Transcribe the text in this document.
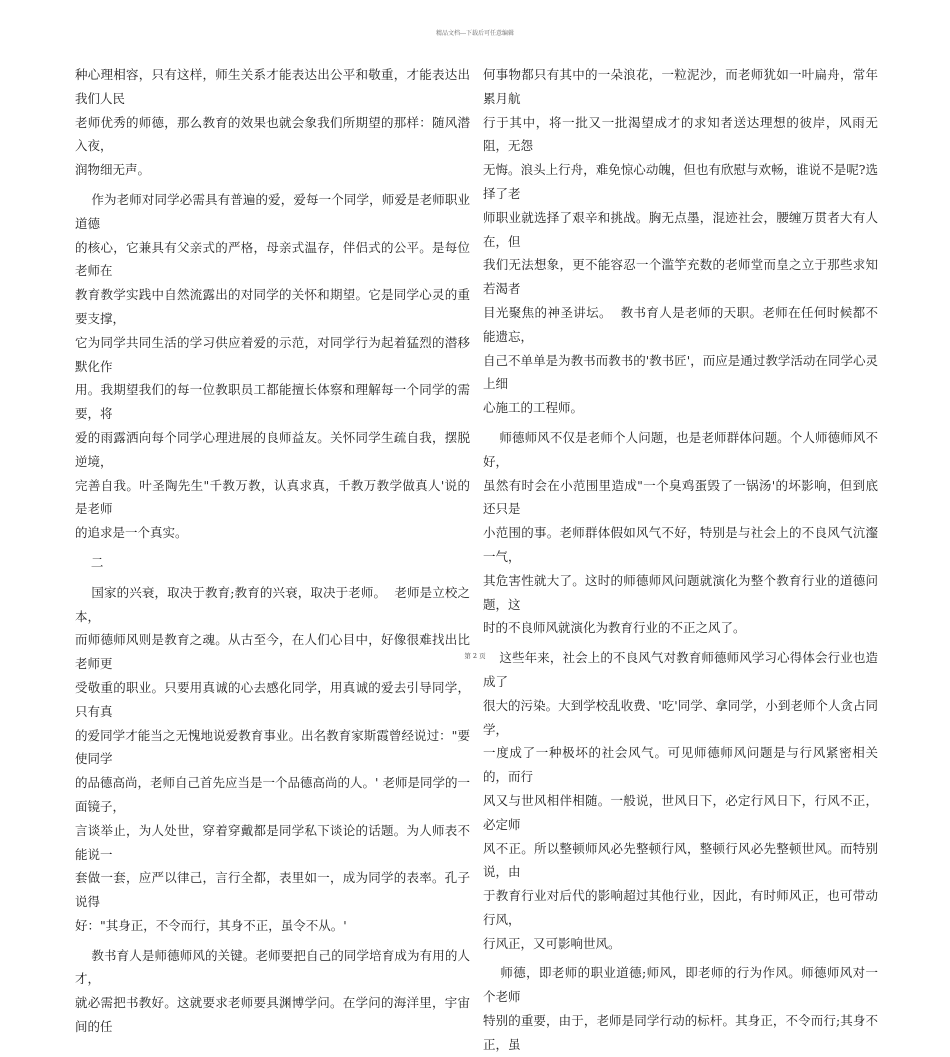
精品文档---下载后可任意编辑

种心理相容，只有这样，师生关系才能表达出公平和敬重，才能表达出我们人民
老师优秀的师德，那么教育的效果也就会象我们所期望的那样：随风潜入夜，
润物细无声。

作为老师对同学必需具有普遍的爱，爱每一个同学，师爱是老师职业道德
的核心，它兼具有父亲式的严格，母亲式温存，伴侣式的公平。是每位老师在
教育教学实践中自然流露出的对同学的关怀和期望。它是同学心灵的重要支撑，
它为同学共同生活的学习供应着爱的示范，对同学行为起着猛烈的潜移默化作
用。我期望我们的每一位教职员工都能擅长体察和理解每一个同学的需要，将
爱的雨露洒向每个同学心理进展的良师益友。关怀同学生疏自我，摆脱逆境，
完善自我。叶圣陶先生"千教万教，认真求真，千教万教学做真人'说的是老师
的追求是一个真实。

二

国家的兴衰，取决于教育;教育的兴衰，取决于老师。  老师是立校之本，
而师德师风则是教育之魂。从古至今，在人们心目中，好像很难找出比老师更
受敬重的职业。只要用真诚的心去感化同学，用真诚的爱去引导同学，只有真
的爱同学才能当之无愧地说爱教育事业。出名教育家斯霞曾经说过："要使同学
的品德高尚，老师自己首先应当是一个品德高尚的人。' 老师是同学的一面镜子，
言谈举止，为人处世，穿着穿戴都是同学私下谈论的话题。为人师表不能说一
套做一套，应严以律己，言行全都，表里如一，成为同学的表率。孔子说得
好："其身正，不令而行，其身不正，虽令不从。'

教书育人是师德师风的关键。老师要把自己的同学培育成为有用的人才，
就必需把书教好。这就要求老师要具渊博学问。在学问的海洋里，宇宙间的任

何事物都只有其中的一朵浪花，一粒泥沙，而老师犹如一叶扁舟，常年累月航
行于其中，将一批又一批渴望成才的求知者送达理想的彼岸，风雨无阻，无怨
无悔。浪头上行舟，难免惊心动魄，但也有欣慰与欢畅，谁说不是呢?选择了老
师职业就选择了艰辛和挑战。胸无点墨，混迹社会，腰缠万贯者大有人在，但
我们无法想象，更不能容忍一个滥竽充数的老师堂而皇之立于那些求知若渴者
目光聚焦的神圣讲坛。  教书育人是老师的天职。老师在任何时候都不能遗忘，
自己不单单是为教书而教书的'教书匠'，而应是通过教学活动在同学心灵上细
心施工的工程师。

师德师风不仅是老师个人问题，也是老师群体问题。个人师德师风不好，
虽然有时会在小范围里造成"一个臭鸡蛋毁了一锅汤'的坏影响，但到底还只是
小范围的事。老师群体假如风气不好，特别是与社会上的不良风气沆瀣一气，
其危害性就大了。这时的师德师风问题就演化为整个教育行业的道德问题，这
时的不良师风就演化为教育行业的不正之风了。

这些年来，社会上的不良风气对教育师德师风学习心得体会行业也造成了
很大的污染。大到学校乱收费、'吃'同学、拿同学，小到老师个人贪占同学，
一度成了一种极坏的社会风气。可见师德师风问题是与行风紧密相关的，而行
风又与世风相伴相随。一般说，世风日下，必定行风日下，行风不正，必定师
风不正。所以整顿师风必先整顿行风，整顿行风必先整顿世风。而特别说，由
于教育行业对后代的影响超过其他行业，因此，有时师风正，也可带动行风，
行风正，又可影响世风。

师德，即老师的职业道德;师风，即老师的行为作风。师德师风对一个老师
特别的重要，由于，老师是同学行动的标杆。其身正，不令而行;其身不正，虽

第 2 页
